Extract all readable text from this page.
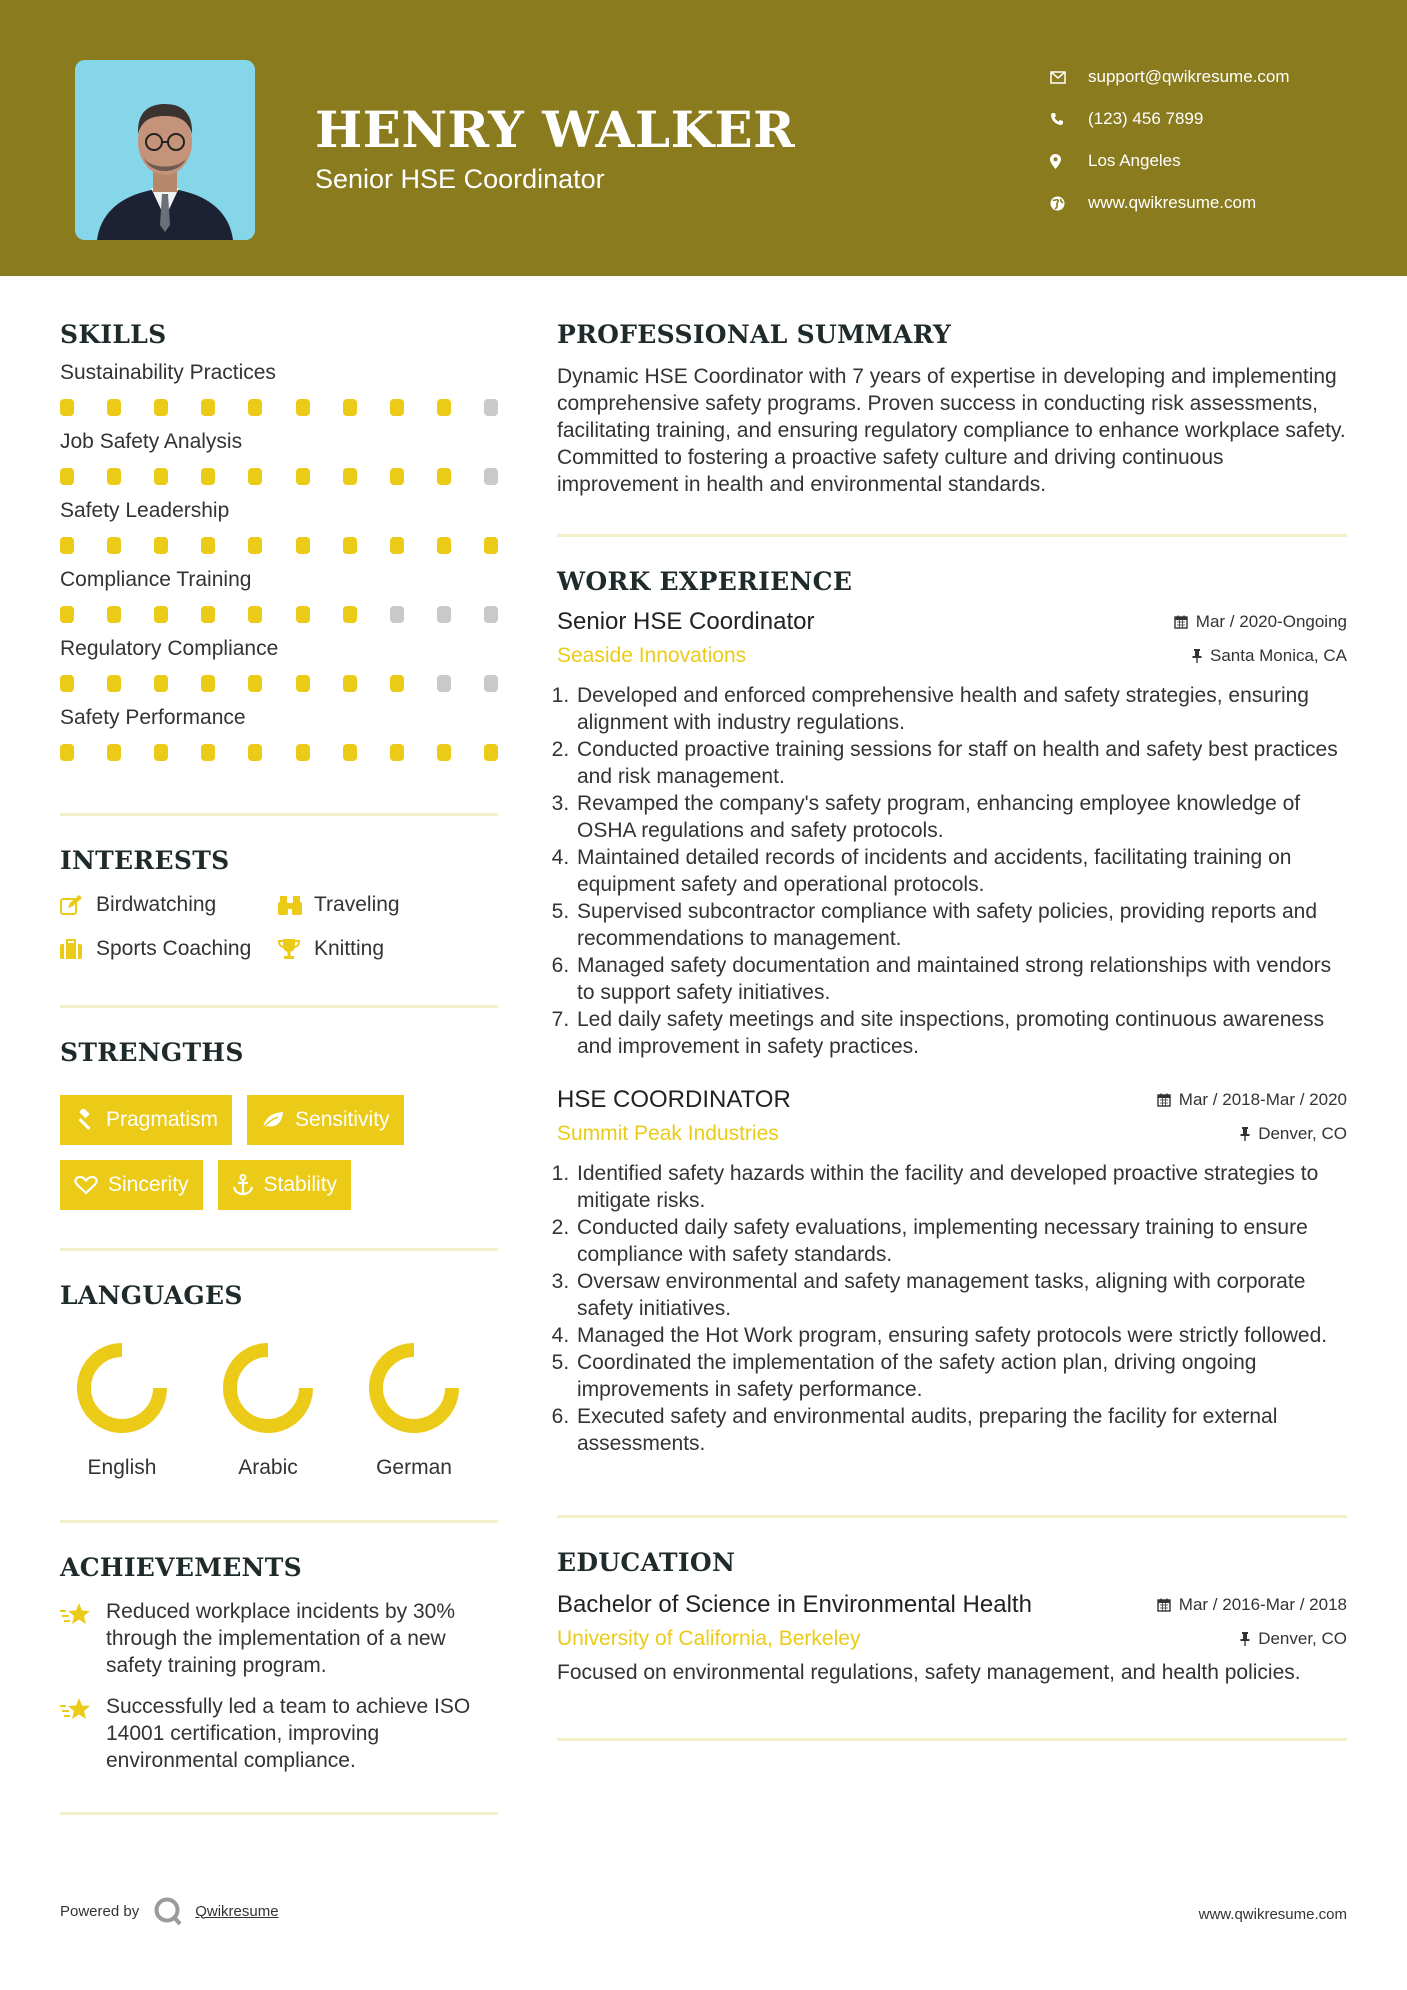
HENRY WALKER
Senior HSE Coordinator
support@qwikresume.com
(123) 456 7899
Los Angeles
www.qwikresume.com
SKILLS
Sustainability Practices
Job Safety Analysis
Safety Leadership
Compliance Training
Regulatory Compliance
Safety Performance
INTERESTS
Birdwatching	Traveling
Sports Coaching	Knitting
STRENGTHS
Pragmatism	Sensitivity
Sincerity	Stability
LANGUAGES
English	Arabic	German
ACHIEVEMENTS
Reduced workplace incidents by 30% through the implementation of a new safety training program.
Successfully led a team to achieve ISO 14001 certification, improving environmental compliance.
PROFESSIONAL SUMMARY

Dynamic HSE Coordinator with 7 years of expertise in developing and implementing comprehensive safety programs. Proven success in conducting risk assessments, facilitating training, and ensuring regulatory compliance to enhance workplace safety. Committed to fostering a proactive safety culture and driving continuous improvement in health and environmental standards.

WORK EXPERIENCE
Senior HSE Coordinator	Mar / 2020-Ongoing
Seaside Innovations	Santa Monica, CA
1. Developed and enforced comprehensive health and safety strategies, ensuring alignment with industry regulations.
2. Conducted proactive training sessions for staff on health and safety best practices and risk management.
3. Revamped the company's safety program, enhancing employee knowledge of OSHA regulations and safety protocols.
4. Maintained detailed records of incidents and accidents, facilitating training on equipment safety and operational protocols.
5. Supervised subcontractor compliance with safety policies, providing reports and recommendations to management.
6. Managed safety documentation and maintained strong relationships with vendors to support safety initiatives.
7. Led daily safety meetings and site inspections, promoting continuous awareness and improvement in safety practices.
HSE COORDINATOR	Mar / 2018-Mar / 2020
Summit Peak Industries	Denver, CO
1. Identified safety hazards within the facility and developed proactive strategies to mitigate risks.
2. Conducted daily safety evaluations, implementing necessary training to ensure compliance with safety standards.
3. Oversaw environmental and safety management tasks, aligning with corporate safety initiatives.
4. Managed the Hot Work program, ensuring safety protocols were strictly followed.
5. Coordinated the implementation of the safety action plan, driving ongoing improvements in safety performance.
6. Executed safety and environmental audits, preparing the facility for external assessments.
EDUCATION
Bachelor of Science in Environmental Health	Mar / 2016-Mar / 2018
University of California, Berkeley	Denver, CO

Focused on environmental regulations, safety management, and health policies.

Powered by	Qwikresume	www.qwikresume.com
